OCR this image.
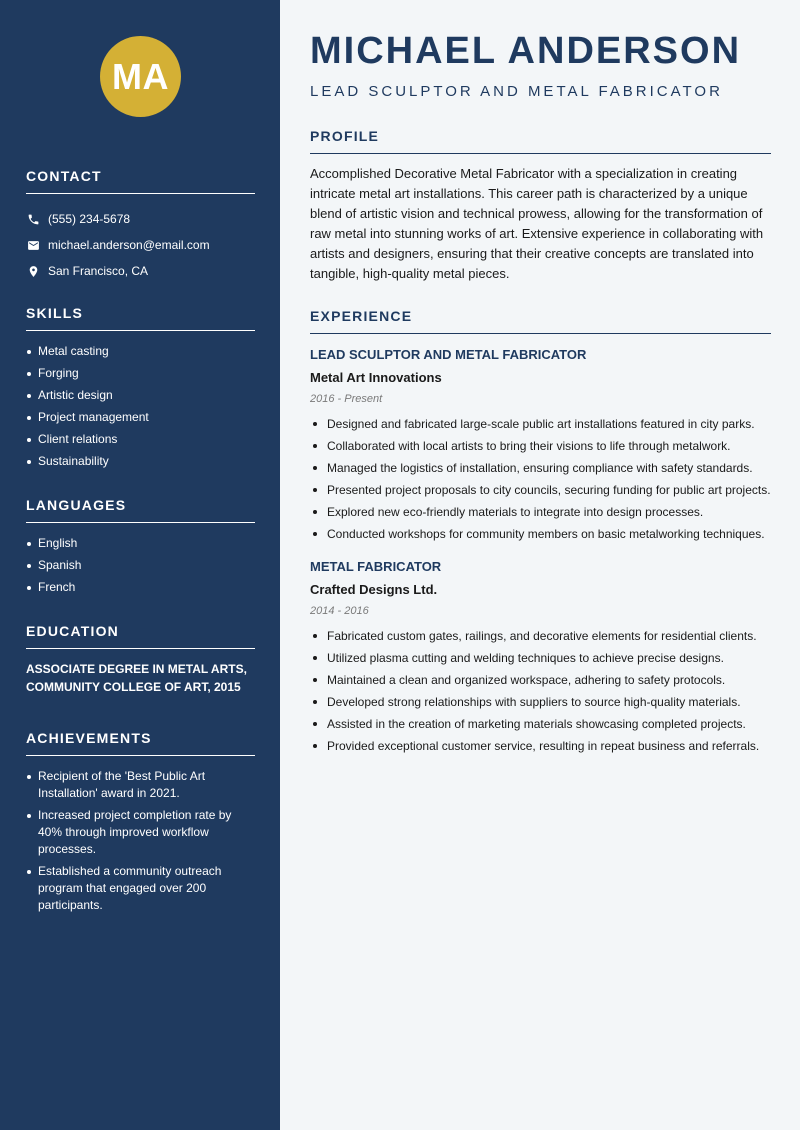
MA
CONTACT
(555) 234-5678
michael.anderson@email.com
San Francisco, CA
SKILLS
Metal casting
Forging
Artistic design
Project management
Client relations
Sustainability
LANGUAGES
English
Spanish
French
EDUCATION
ASSOCIATE DEGREE IN METAL ARTS,
COMMUNITY COLLEGE OF ART, 2015
ACHIEVEMENTS
Recipient of the 'Best Public Art Installation' award in 2021.
Increased project completion rate by 40% through improved workflow processes.
Established a community outreach program that engaged over 200 participants.
MICHAEL ANDERSON
LEAD SCULPTOR AND METAL FABRICATOR
PROFILE

Accomplished Decorative Metal Fabricator with a specialization in creating intricate metal art installations. This career path is characterized by a unique blend of artistic vision and technical prowess, allowing for the transformation of raw metal into stunning works of art. Extensive experience in collaborating with artists and designers, ensuring that their creative concepts are translated into tangible, high-quality metal pieces.

EXPERIENCE
LEAD SCULPTOR AND METAL FABRICATOR
Metal Art Innovations
2016 - Present
Designed and fabricated large-scale public art installations featured in city parks.
Collaborated with local artists to bring their visions to life through metalwork.
Managed the logistics of installation, ensuring compliance with safety standards.
Presented project proposals to city councils, securing funding for public art projects.
Explored new eco-friendly materials to integrate into design processes.
Conducted workshops for community members on basic metalworking techniques.
METAL FABRICATOR
Crafted Designs Ltd.
2014 - 2016
Fabricated custom gates, railings, and decorative elements for residential clients.
Utilized plasma cutting and welding techniques to achieve precise designs.
Maintained a clean and organized workspace, adhering to safety protocols.
Developed strong relationships with suppliers to source high-quality materials.
Assisted in the creation of marketing materials showcasing completed projects.
Provided exceptional customer service, resulting in repeat business and referrals.
